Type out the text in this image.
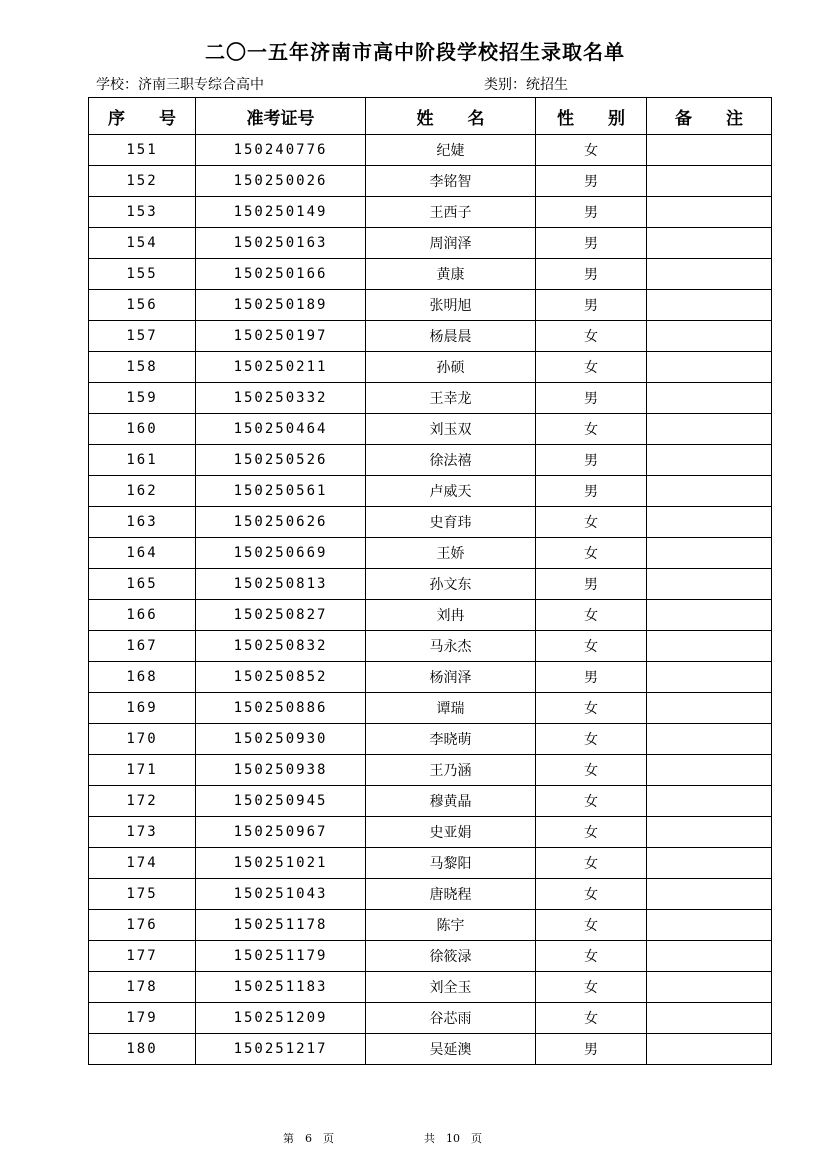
二〇一五年济南市高中阶段学校招生录取名单
学校：济南三职专综合高中	类别：统招生
序　　号	准考证号	姓　　名	性　　别	备　　注
151	150240776	纪婕	女	
152	150250026	李铭智	男	
153	150250149	王西子	男	
154	150250163	周润泽	男	
155	150250166	黄康	男	
156	150250189	张明旭	男	
157	150250197	杨晨晨	女	
158	150250211	孙硕	女	
159	150250332	王幸龙	男	
160	150250464	刘玉双	女	
161	150250526	徐法禧	男	
162	150250561	卢威天	男	
163	150250626	史育玮	女	
164	150250669	王娇	女	
165	150250813	孙文东	男	
166	150250827	刘冉	女	
167	150250832	马永杰	女	
168	150250852	杨润泽	男	
169	150250886	谭瑞	女	
170	150250930	李晓萌	女	
171	150250938	王乃涵	女	
172	150250945	穆黄晶	女	
173	150250967	史亚娟	女	
174	150251021	马黎阳	女	
175	150251043	唐晓程	女	
176	150251178	陈宇	女	
177	150251179	徐筱渌	女	
178	150251183	刘全玉	女	
179	150251209	谷芯雨	女	
180	150251217	吴延澳	男	
第　6　页	共　10　页
